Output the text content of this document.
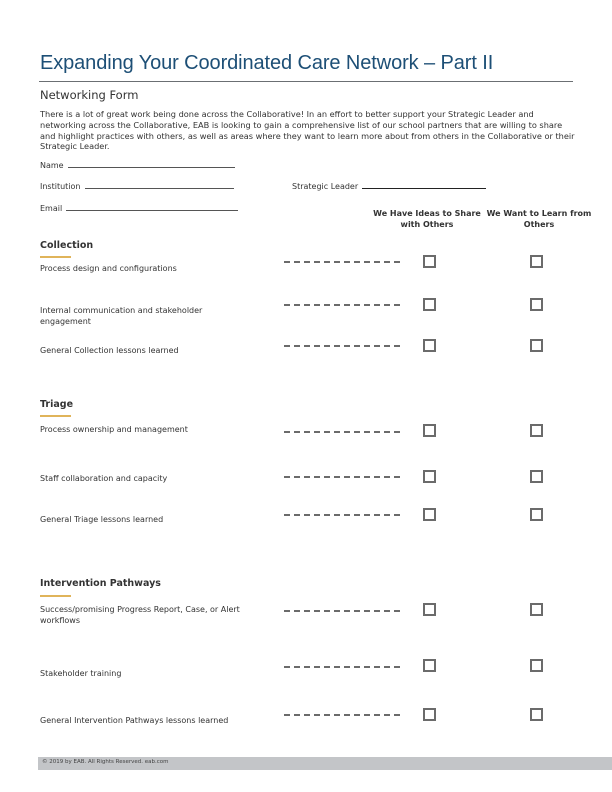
Expanding Your Coordinated Care Network – Part II
Networking Form
There is a lot of great work being done across the Collaborative! In an effort to better support your Strategic Leader and networking across the Collaborative, EAB is looking to gain a comprehensive list of our school partners that are willing to share and highlight practices with others, as well as areas where they want to learn more about from others in the Collaborative or their Strategic Leader.
Name
Institution	Strategic Leader
Email
We Have Ideas to Share with Others
We Want to Learn from Others
Collection
Process design and configurations
Internal communication and stakeholder engagement
General Collection lessons learned
Triage
Process ownership and management
Staff collaboration and capacity
General Triage lessons learned
Intervention Pathways
Success/promising Progress Report, Case, or Alert workflows
Stakeholder training
General Intervention Pathways lessons learned
© 2019 by EAB. All Rights Reserved. eab.com
